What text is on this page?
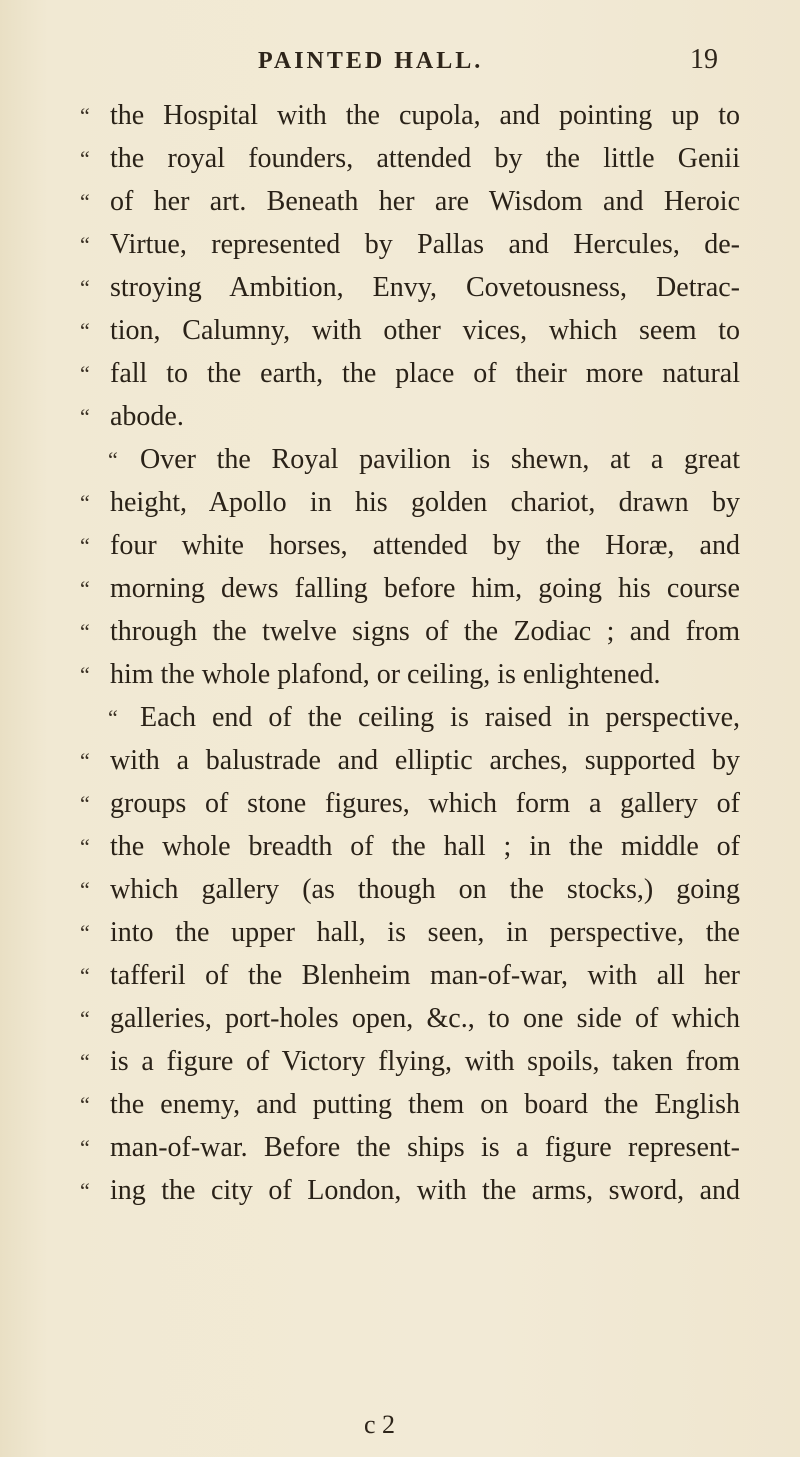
PAINTED HALL.	19
“ the Hospital with the cupola, and pointing up to
“ the royal founders, attended by the little Genii
“ of her art. Beneath her are Wisdom and Heroic
“ Virtue, represented by Pallas and Hercules, de-
“ stroying Ambition, Envy, Covetousness, Detrac-
“ tion, Calumny, with other vices, which seem to
“ fall to the earth, the place of their more natural
“ abode.
“ Over the Royal pavilion is shewn, at a great
“ height, Apollo in his golden chariot, drawn by
“ four white horses, attended by the Horæ, and
“ morning dews falling before him, going his course
“ through the twelve signs of the Zodiac ; and from
“ him the whole plafond, or ceiling, is enlightened.
“ Each end of the ceiling is raised in perspective,
“ with a balustrade and elliptic arches, supported by
“ groups of stone figures, which form a gallery of
“ the whole breadth of the hall ; in the middle of
“ which gallery (as though on the stocks,) going
“ into the upper hall, is seen, in perspective, the
“ tafferil of the Blenheim man-of-war, with all her
“ galleries, port-holes open, &c., to one side of which
“ is a figure of Victory flying, with spoils, taken from
“ the enemy, and putting them on board the English
“ man-of-war. Before the ships is a figure represent-
“ ing the city of London, with the arms, sword, and
c 2
